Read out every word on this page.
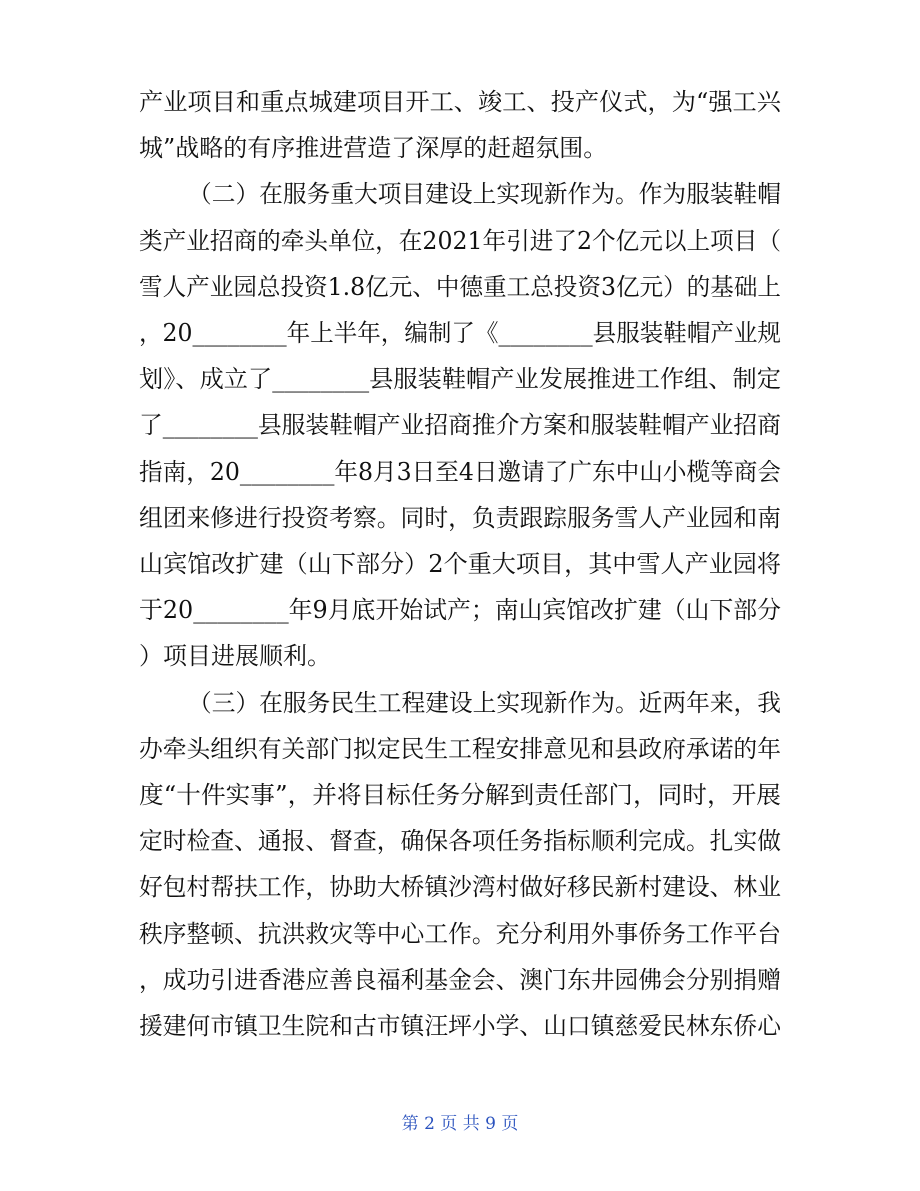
产业项目和重点城建项目开工、竣工、投产仪式，为“强工兴
城”战略的有序推进营造了深厚的赶超氛围。
（二）在服务重大项目建设上实现新作为。作为服装鞋帽
类产业招商的牵头单位，在2021年引进了2个亿元以上项目（
雪人产业园总投资1.8亿元、中德重工总投资3亿元）的基础上
，20________年上半年，编制了《________县服装鞋帽产业规
划》、成立了________县服装鞋帽产业发展推进工作组、制定
了________县服装鞋帽产业招商推介方案和服装鞋帽产业招商
指南，20________年8月3日至4日邀请了广东中山小榄等商会
组团来修进行投资考察。同时，负责跟踪服务雪人产业园和南
山宾馆改扩建（山下部分）2个重大项目，其中雪人产业园将
于20________年9月底开始试产；南山宾馆改扩建（山下部分
）项目进展顺利。
（三）在服务民生工程建设上实现新作为。近两年来，我
办牵头组织有关部门拟定民生工程安排意见和县政府承诺的年
度“十件实事”，并将目标任务分解到责任部门，同时，开展
定时检查、通报、督查，确保各项任务指标顺利完成。扎实做
好包村帮扶工作，协助大桥镇沙湾村做好移民新村建设、林业
秩序整顿、抗洪救灾等中心工作。充分利用外事侨务工作平台
，成功引进香港应善良福利基金会、澳门东井园佛会分别捐赠
援建何市镇卫生院和古市镇汪坪小学、山口镇慈爱民林东侨心
第 2 页 共 9 页
